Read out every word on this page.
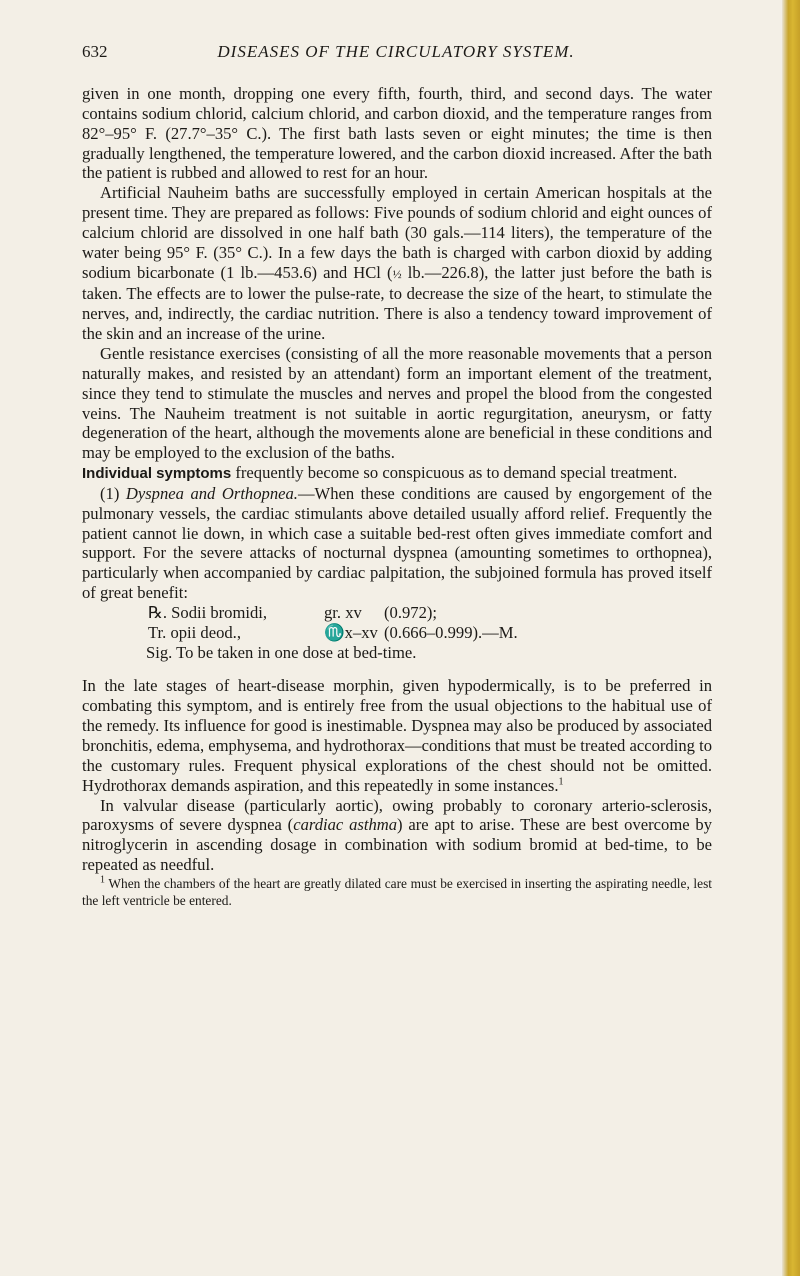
632	DISEASES OF THE CIRCULATORY SYSTEM.

given in one month, dropping one every fifth, fourth, third, and second days. The water contains sodium chlorid, calcium chlorid, and carbon dioxid, and the temperature ranges from 82°–95° F. (27.7°–35° C.). The first bath lasts seven or eight minutes; the time is then gradually lengthened, the temperature lowered, and the carbon dioxid increased. After the bath the patient is rubbed and allowed to rest for an hour.

Artificial Nauheim baths are successfully employed in certain American hospitals at the present time. They are prepared as follows: Five pounds of sodium chlorid and eight ounces of calcium chlorid are dissolved in one half bath (30 gals.—114 liters), the temperature of the water being 95° F. (35° C.). In a few days the bath is charged with carbon dioxid by adding sodium bicarbonate (1 lb.—453.6) and HCl (½ lb.—226.8), the latter just before the bath is taken. The effects are to lower the pulse-rate, to decrease the size of the heart, to stimulate the nerves, and, indirectly, the cardiac nutrition. There is also a tendency toward improvement of the skin and an increase of the urine.

Gentle resistance exercises (consisting of all the more reasonable movements that a person naturally makes, and resisted by an attendant) form an important element of the treatment, since they tend to stimulate the muscles and nerves and propel the blood from the congested veins. The Nauheim treatment is not suitable in aortic regurgitation, aneurysm, or fatty degeneration of the heart, although the movements alone are beneficial in these conditions and may be employed to the exclusion of the baths.

Individual symptoms frequently become so conspicuous as to demand special treatment.

(1) Dyspnea and Orthopnea.—When these conditions are caused by engorgement of the pulmonary vessels, the cardiac stimulants above detailed usually afford relief. Frequently the patient cannot lie down, in which case a suitable bed-rest often gives immediate comfort and support. For the severe attacks of nocturnal dyspnea (amounting sometimes to orthopnea), particularly when accompanied by cardiac palpitation, the subjoined formula has proved itself of great benefit:

℞. Sodii bromidi,	gr. xv (0.972);
Tr. opii deod.,	♏x–xv (0.666–0.999).—M.

Sig. To be taken in one dose at bed-time.

In the late stages of heart-disease morphin, given hypodermically, is to be preferred in combating this symptom, and is entirely free from the usual objections to the habitual use of the remedy. Its influence for good is inestimable. Dyspnea may also be produced by associated bronchitis, edema, emphysema, and hydrothorax—conditions that must be treated according to the customary rules. Frequent physical explorations of the chest should not be omitted. Hydrothorax demands aspiration, and this repeatedly in some instances.$^1$

In valvular disease (particularly aortic), owing probably to coronary arterio-sclerosis, paroxysms of severe dyspnea (cardiac asthma) are apt to arise. These are best overcome by nitroglycerin in ascending dosage in combination with sodium bromid at bed-time, to be repeated as needful.

$^1$ When the chambers of the heart are greatly dilated care must be exercised in inserting the aspirating needle, lest the left ventricle be entered.
